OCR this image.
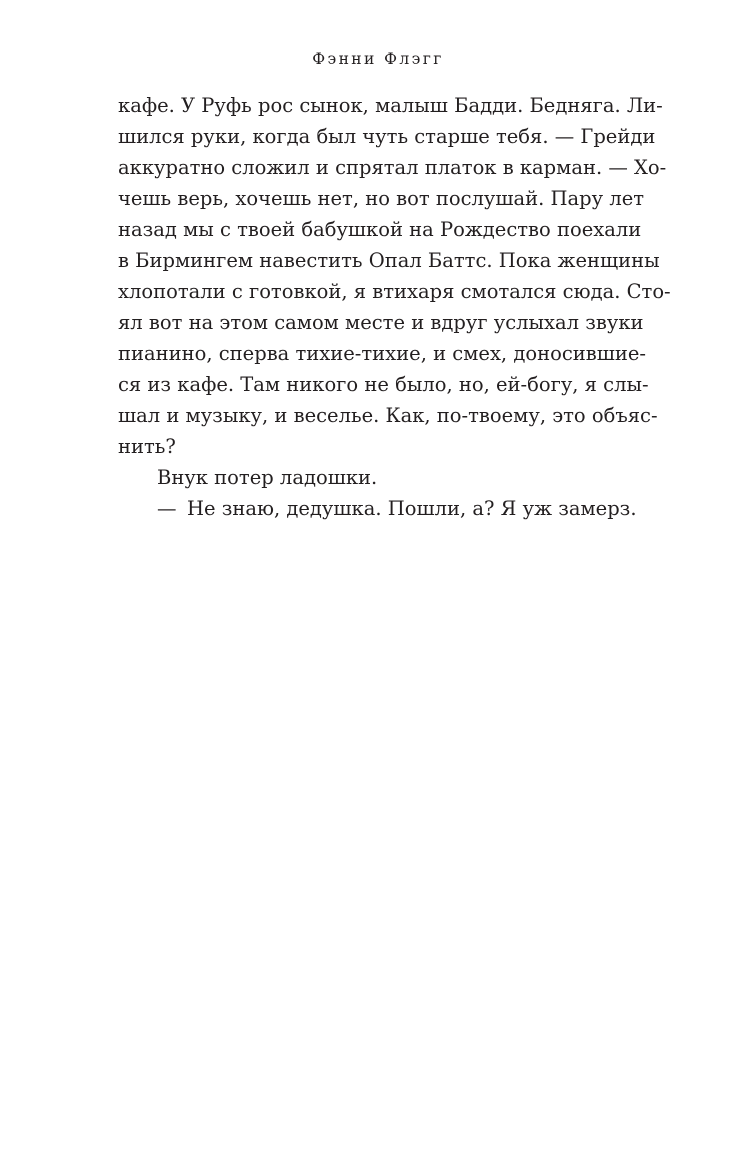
Фэнни Флэгг
кафе. У Руфь рос сынок, малыш Бадди. Бедняга. Ли-
шился руки, когда был чуть старше тебя. — Грейди
аккуратно сложил и спрятал платок в карман. — Хо-
чешь верь, хочешь нет, но вот послушай. Пару лет
назад мы с твоей бабушкой на Рождество поехали
в Бирмингем навестить Опал Баттс. Пока женщины
хлопотали с готовкой, я втихаря смотался сюда. Сто-
ял вот на этом самом месте и вдруг услыхал звуки
пианино, сперва тихие-тихие, и смех, доносившие-
ся из кафе. Там никого не было, но, ей-богу, я слы-
шал и музыку, и веселье. Как, по-твоему, это объяс-
нить?
Внук потер ладошки.
— Не знаю, дедушка. Пошли, а? Я уж замерз.
